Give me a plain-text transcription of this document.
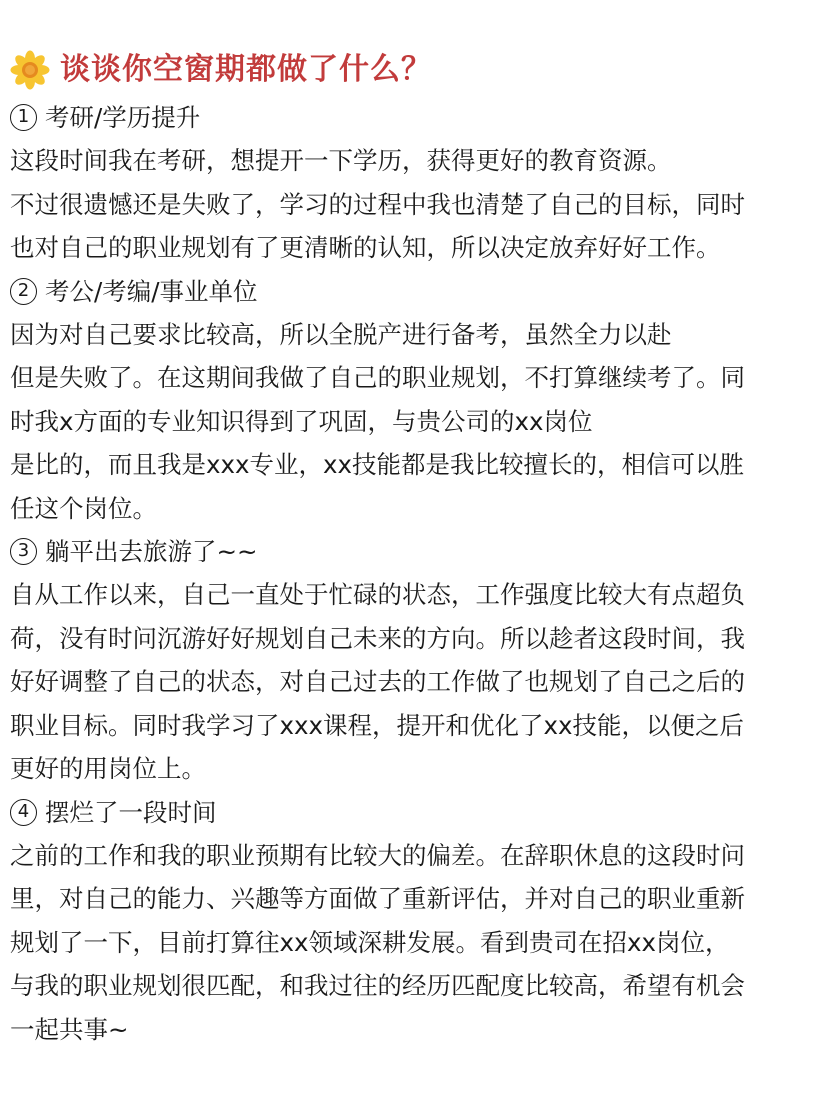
谈谈你空窗期都做了什么？
1 考研/学历提升
这段时间我在考研，想提开一下学历，获得更好的教育资源。
不过很遗憾还是失败了，学习的过程中我也清楚了自己的目标，同时
也对自己的职业规划有了更清晰的认知，所以决定放弃好好工作。
2 考公/考编/事业单位
因为对自己要求比较高，所以全脱产进行备考，虽然全力以赴
但是失败了。在这期间我做了自己的职业规划，不打算继续考了。同
时我x方面的专业知识得到了巩固，与贵公司的xx岗位
是比的，而且我是xxx专业，xx技能都是我比较擅长的，相信可以胜
任这个岗位。
3 躺平出去旅游了~~
自从工作以来，自己一直处于忙碌的状态，工作强度比较大有点超负
荷，没有时问沉游好好规划自己未来的方向。所以趁者这段时间，我
好好调整了自己的状态，对自己过去的工作做了也规划了自己之后的
职业目标。同时我学习了xxx课程，提开和优化了xx技能，以便之后
更好的用岗位上。
4 摆烂了一段时间
之前的工作和我的职业预期有比较大的偏差。在辞职休息的这段时问
里，对自己的能力、兴趣等方面做了重新评估，并对自己的职业重新
规划了一下，目前打算往xx领域深耕发展。看到贵司在招xx岗位，
与我的职业规划很匹配，和我过往的经历匹配度比较高，希望有机会
一起共事~
